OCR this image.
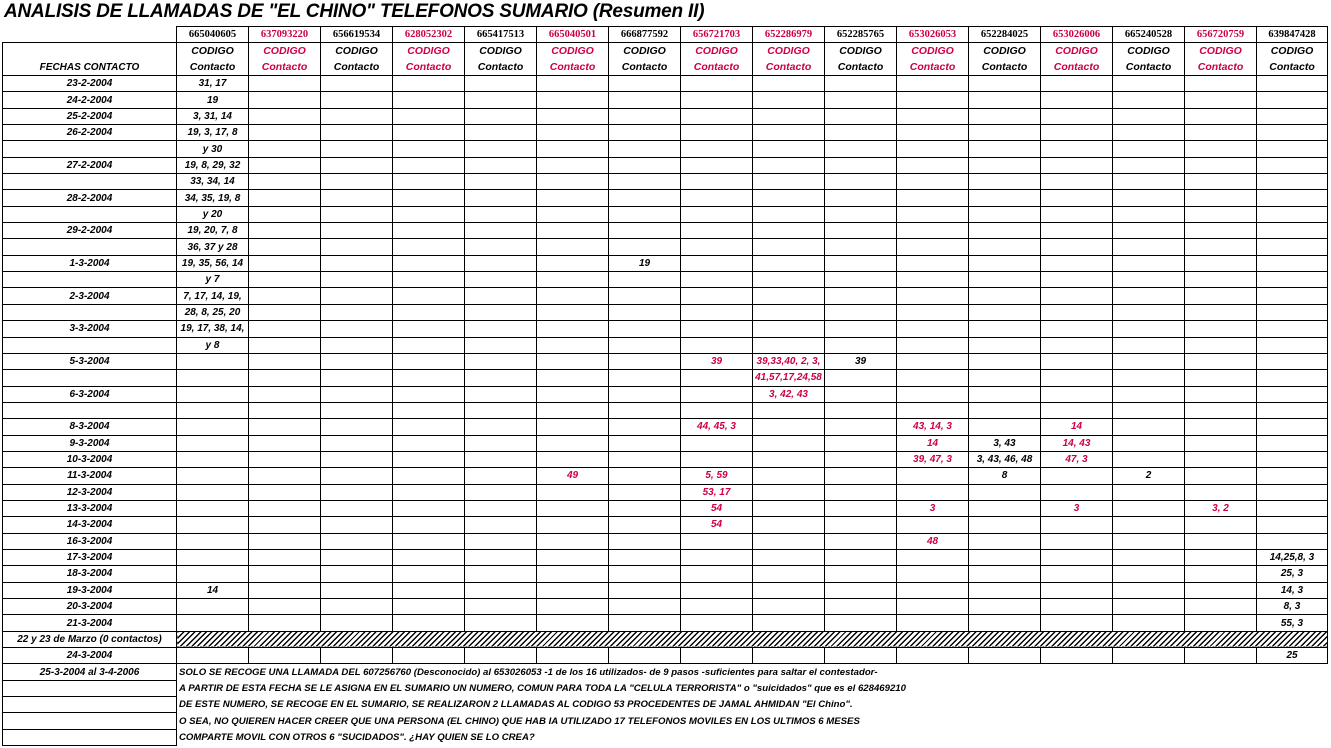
ANALISIS DE LLAMADAS DE "EL CHINO" TELEFONOS SUMARIO (Resumen II)
	665040605	637093220	656619534	628052302	665417513	665040501	666877592	656721703	652286979	652285765	653026053	652284025	653026006	665240528	656720759	639847428
	CODIGO	CODIGO	CODIGO	CODIGO	CODIGO	CODIGO	CODIGO	CODIGO	CODIGO	CODIGO	CODIGO	CODIGO	CODIGO	CODIGO	CODIGO	CODIGO
FECHAS CONTACTO	Contacto	Contacto	Contacto	Contacto	Contacto	Contacto	Contacto	Contacto	Contacto	Contacto	Contacto	Contacto	Contacto	Contacto	Contacto	Contacto
23-2-2004	31, 17															
24-2-2004	19															
25-2-2004	3, 31, 14															
26-2-2004	19, 3, 17, 8															
	y 30															
27-2-2004	19, 8, 29, 32															
	33, 34, 14															
28-2-2004	34, 35, 19, 8															
	y 20															
29-2-2004	19, 20, 7, 8															
	36, 37 y 28															
1-3-2004	19, 35, 56, 14						19									
	y 7															
2-3-2004	7, 17, 14, 19,															
	28, 8, 25, 20															
3-3-2004	19, 17, 38, 14,															
	y 8															
5-3-2004								39	39,33,40, 2, 3,	39						
									41,57,17,24,58							
6-3-2004									3, 42, 43							

8-3-2004								44, 45, 3			43, 14, 3		14			
9-3-2004											14	3, 43	14, 43			
10-3-2004											39, 47, 3	3, 43, 46, 48	47, 3			
11-3-2004						49		5, 59				8		2		
12-3-2004								53, 17								
13-3-2004								54			3		3		3, 2	
14-3-2004								54								
16-3-2004											48					
17-3-2004																14,25,8, 3
18-3-2004																25, 3
19-3-2004	14															14, 3
20-3-2004																8, 3
21-3-2004																55, 3
22 y 23 de Marzo (0 contactos)																
24-3-2004																25
25-3-2004 al 3-4-2006	SOLO SE RECOGE UNA LLAMADA DEL 607256760 (Desconocido) al 653026053 -1 de los 16 utilizados- de 9 pasos -suficientes para saltar el contestador-															
	A PARTIR DE ESTA FECHA SE LE ASIGNA EN EL SUMARIO UN NUMERO, COMUN PARA TODA LA "CELULA TERRORISTA" o "suicidados" que es el 628469210															
	DE ESTE NUMERO, SE RECOGE EN EL SUMARIO, SE REALIZARON 2 LLAMADAS AL CODIGO 53 PROCEDENTES DE JAMAL AHMIDAN "El Chino".															
	O SEA, NO QUIEREN HACER CREER QUE UNA PERSONA (EL CHINO) QUE HAB IA UTILIZADO 17 TELEFONOS MOVILES EN LOS ULTIMOS 6 MESES															
	COMPARTE MOVIL CON OTROS 6 "SUCIDADOS". ¿HAY QUIEN SE LO CREA?															
